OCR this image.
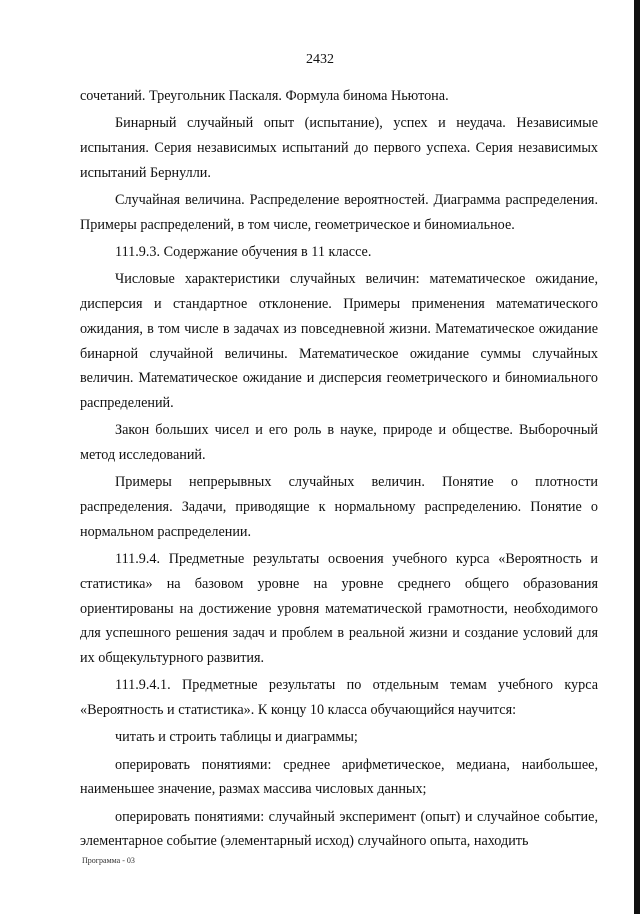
2432

сочетаний. Треугольник Паскаля. Формула бинома Ньютона.

Бинарный случайный опыт (испытание), успех и неудача. Независимые испытания. Серия независимых испытаний до первого успеха. Серия независимых испытаний Бернулли.

Случайная величина. Распределение вероятностей. Диаграмма распределения. Примеры распределений, в том числе, геометрическое и биномиальное.

111.9.3. Содержание обучения в 11 классе.

Числовые характеристики случайных величин: математическое ожидание, дисперсия и стандартное отклонение. Примеры применения математического ожидания, в том числе в задачах из повседневной жизни. Математическое ожидание бинарной случайной величины. Математическое ожидание суммы случайных величин. Математическое ожидание и дисперсия геометрического и биномиального распределений.

Закон больших чисел и его роль в науке, природе и обществе. Выборочный метод исследований.

Примеры непрерывных случайных величин. Понятие о плотности распределения. Задачи, приводящие к нормальному распределению. Понятие о нормальном распределении.

111.9.4. Предметные результаты освоения учебного курса «Вероятность и статистика» на базовом уровне на уровне среднего общего образования ориентированы на достижение уровня математической грамотности, необходимого для успешного решения задач и проблем в реальной жизни и создание условий для их общекультурного развития.

111.9.4.1. Предметные результаты по отдельным темам учебного курса «Вероятность и статистика». К концу 10 класса обучающийся научится:

читать и строить таблицы и диаграммы;

оперировать понятиями: среднее арифметическое, медиана, наибольшее, наименьшее значение, размах массива числовых данных;

оперировать понятиями: случайный эксперимент (опыт) и случайное событие, элементарное событие (элементарный исход) случайного опыта, находить

Программа - 03
